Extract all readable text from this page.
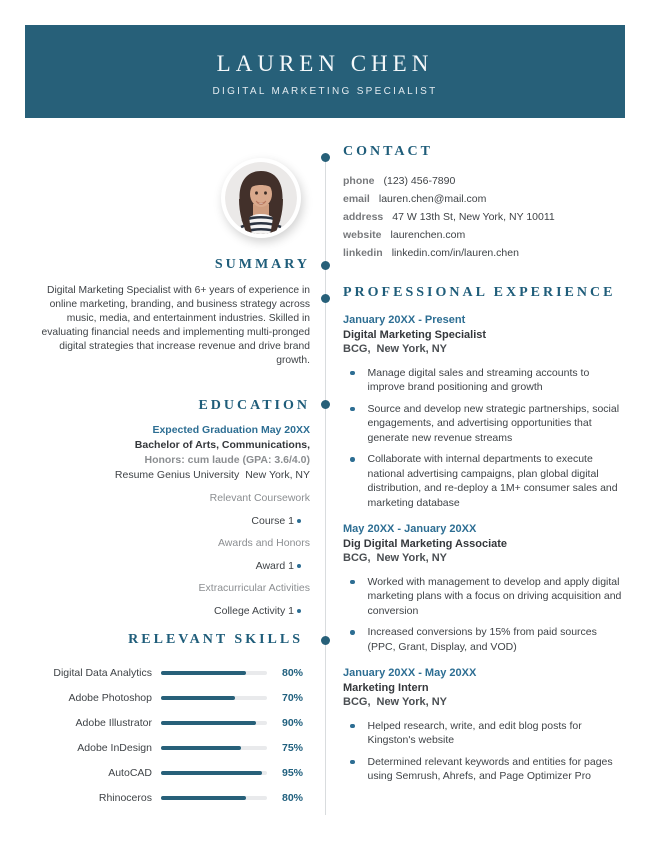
LAUREN CHEN
DIGITAL MARKETING SPECIALIST
SUMMARY

Digital Marketing Specialist with 6+ years of experience in online marketing, branding, and business strategy across music, media, and entertainment industries. Skilled in evaluating financial needs and implementing multi-pronged digital strategies that increase revenue and drive brand growth.

EDUCATION
Expected Graduation May 20XX
Bachelor of Arts, Communications,
Honors: cum laude (GPA: 3.6/4.0)
Resume Genius University New York, NY
Relevant Coursework
Course 1
Awards and Honors
Award 1
Extracurricular Activities
College Activity 1
RELEVANT SKILLS
Digital Data Analytics	80%
Adobe Photoshop	70%
Adobe Illustrator	90%
Adobe InDesign	75%
AutoCAD	95%
Rhinoceros	80%
CONTACT
phone (123) 456-7890
email lauren.chen@mail.com
address 47 W 13th St, New York, NY 10011
website laurenchen.com
linkedin linkedin.com/in/lauren.chen
PROFESSIONAL EXPERIENCE
January 20XX - Present
Digital Marketing Specialist
BCG, New York, NY
Manage digital sales and streaming accounts to improve brand positioning and growth
Source and develop new strategic partnerships, social engagements, and advertising opportunities that generate new revenue streams
Collaborate with internal departments to execute national advertising campaigns, plan global digital distribution, and re-deploy a 1M+ consumer sales and marketing database
May 20XX - January 20XX
Dig Digital Marketing Associate
BCG, New York, NY
Worked with management to develop and apply digital marketing plans with a focus on driving acquisition and conversion
Increased conversions by 15% from paid sources (PPC, Grant, Display, and VOD)
January 20XX - May 20XX
Marketing Intern
BCG, New York, NY
Helped research, write, and edit blog posts for Kingston's website
Determined relevant keywords and entities for pages using Semrush, Ahrefs, and Page Optimizer Pro
